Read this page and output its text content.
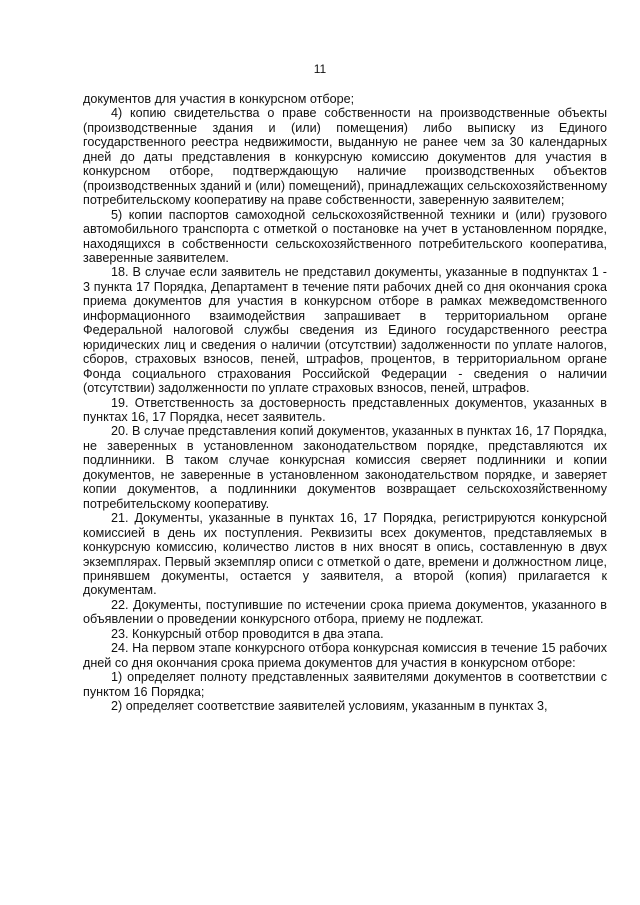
11

документов для участия в конкурсном отборе;

4) копию свидетельства о праве собственности на производственные объекты (производственные здания и (или) помещения) либо выписку из Единого государственного реестра недвижимости, выданную не ранее чем за 30 календарных дней до даты представления в конкурсную комиссию документов для участия в конкурсном отборе, подтверждающую наличие производственных объектов (производственных зданий и (или) помещений), принадлежащих сельскохозяйственному потребительскому кооперативу на праве собственности, заверенную заявителем;

5) копии паспортов самоходной сельскохозяйственной техники и (или) грузового автомобильного транспорта с отметкой о постановке на учет в установленном порядке, находящихся в собственности сельскохозяйственного потребительского кооператива, заверенные заявителем.

18. В случае если заявитель не представил документы, указанные в подпунктах 1 - 3 пункта 17 Порядка, Департамент в течение пяти рабочих дней со дня окончания срока приема документов для участия в конкурсном отборе в рамках межведомственного информационного взаимодействия запрашивает в территориальном органе Федеральной налоговой службы сведения из Единого государственного реестра юридических лиц и сведения о наличии (отсутствии) задолженности по уплате налогов, сборов, страховых взносов, пеней, штрафов, процентов, в территориальном органе Фонда социального страхования Российской Федерации - сведения о наличии (отсутствии) задолженности по уплате страховых взносов, пеней, штрафов.

19. Ответственность за достоверность представленных документов, указанных в пунктах 16, 17 Порядка, несет заявитель.

20. В случае представления копий документов, указанных в пунктах 16, 17 Порядка, не заверенных в установленном законодательством порядке, представляются их подлинники. В таком случае конкурсная комиссия сверяет подлинники и копии документов, не заверенные в установленном законодательством порядке, и заверяет копии документов, а подлинники документов возвращает сельскохозяйственному потребительскому кооперативу.

21. Документы, указанные в пунктах 16, 17 Порядка, регистрируются конкурсной комиссией в день их поступления. Реквизиты всех документов, представляемых в конкурсную комиссию, количество листов в них вносят в опись, составленную в двух экземплярах. Первый экземпляр описи с отметкой о дате, времени и должностном лице, принявшем документы, остается у заявителя, а второй (копия) прилагается к документам.

22. Документы, поступившие по истечении срока приема документов, указанного в объявлении о проведении конкурсного отбора, приему не подлежат.

23. Конкурсный отбор проводится в два этапа.

24. На первом этапе конкурсного отбора конкурсная комиссия в течение 15 рабочих дней со дня окончания срока приема документов для участия в конкурсном отборе:

1) определяет полноту представленных заявителями документов в соответствии с пунктом 16 Порядка;

2) определяет соответствие заявителей условиям, указанным в пунктах 3,
